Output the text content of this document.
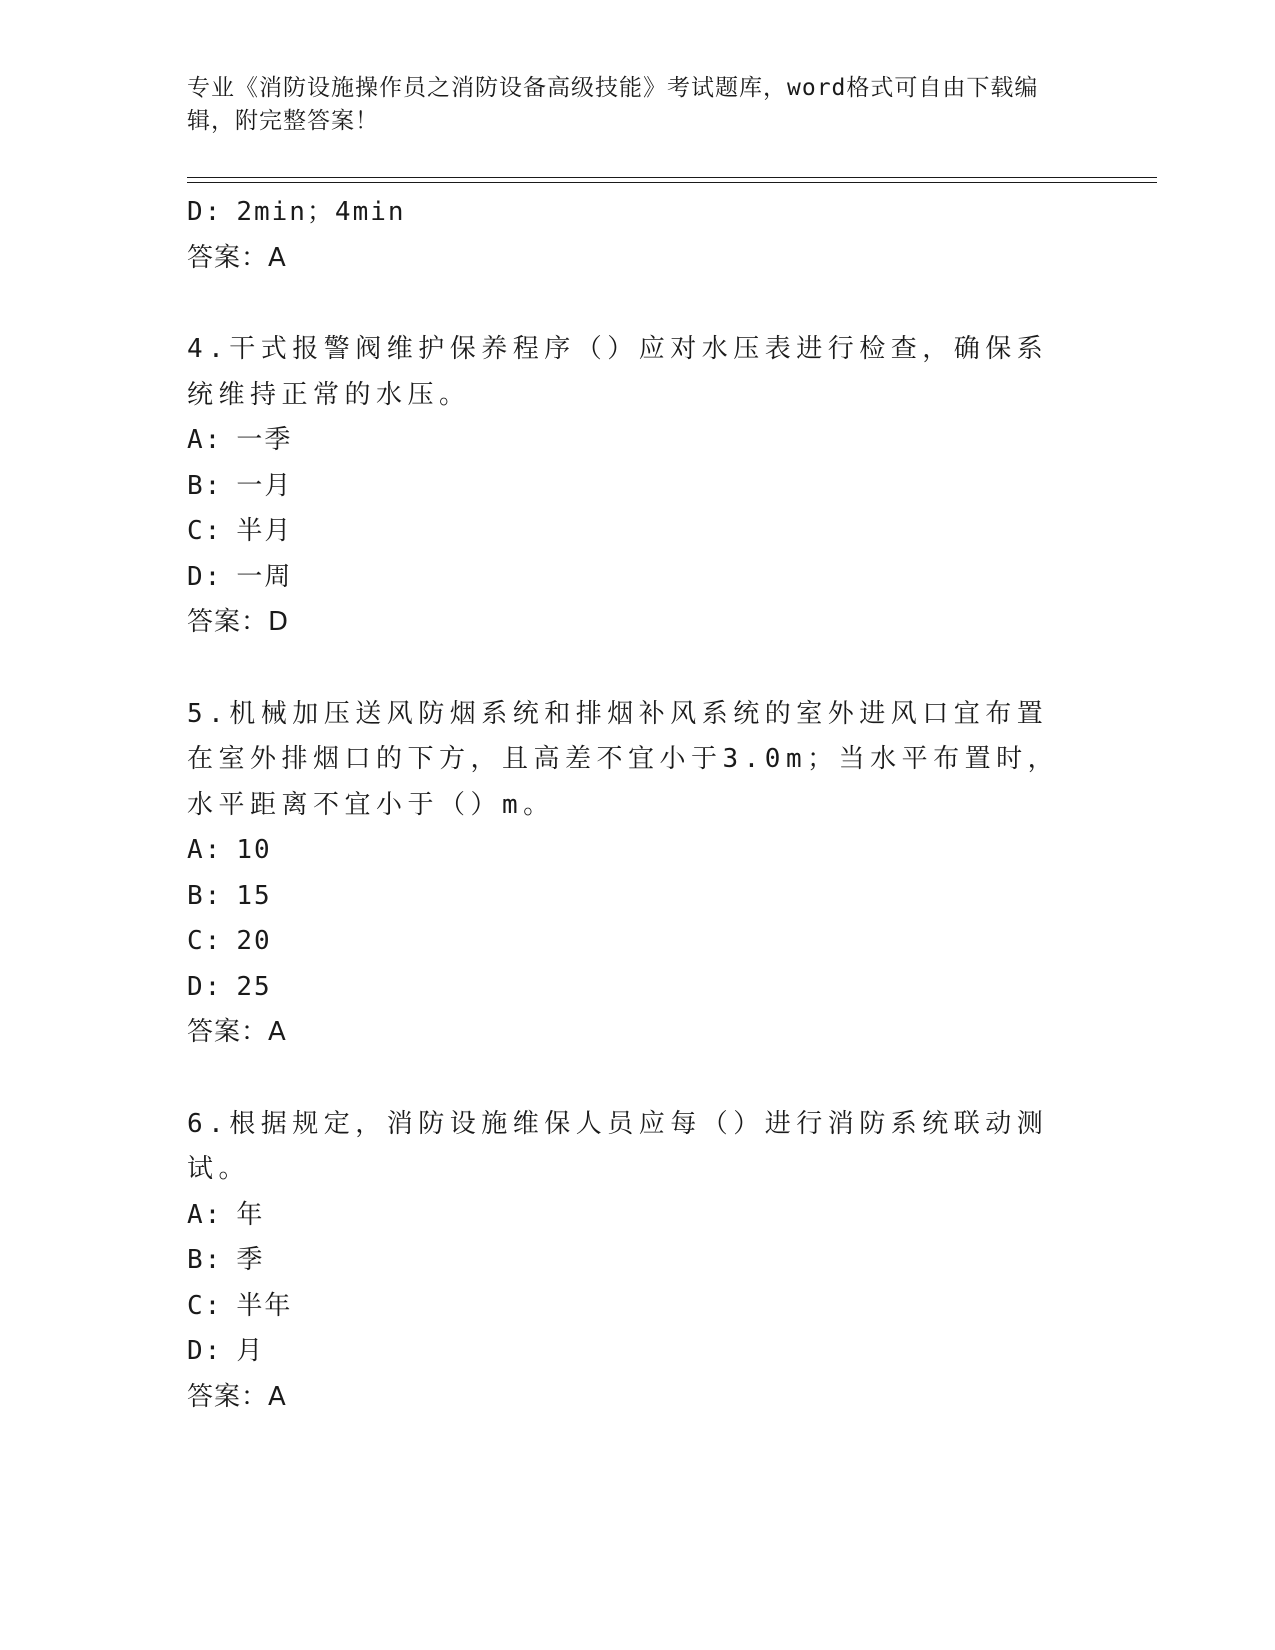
专业《消防设施操作员之消防设备高级技能》考试题库，word格式可自由下载编辑，附完整答案！
D: 2min；4min
答案：A
4.干式报警阀维护保养程序（）应对水压表进行检查，确保系统维持正常的水压。
A: 一季
B: 一月
C: 半月
D: 一周
答案：D
5.机械加压送风防烟系统和排烟补风系统的室外进风口宜布置在室外排烟口的下方，且高差不宜小于3.0m；当水平布置时，水平距离不宜小于（）m。
A: 10
B: 15
C: 20
D: 25
答案：A
6.根据规定，消防设施维保人员应每（）进行消防系统联动测试。
A: 年
B: 季
C: 半年
D: 月
答案：A
